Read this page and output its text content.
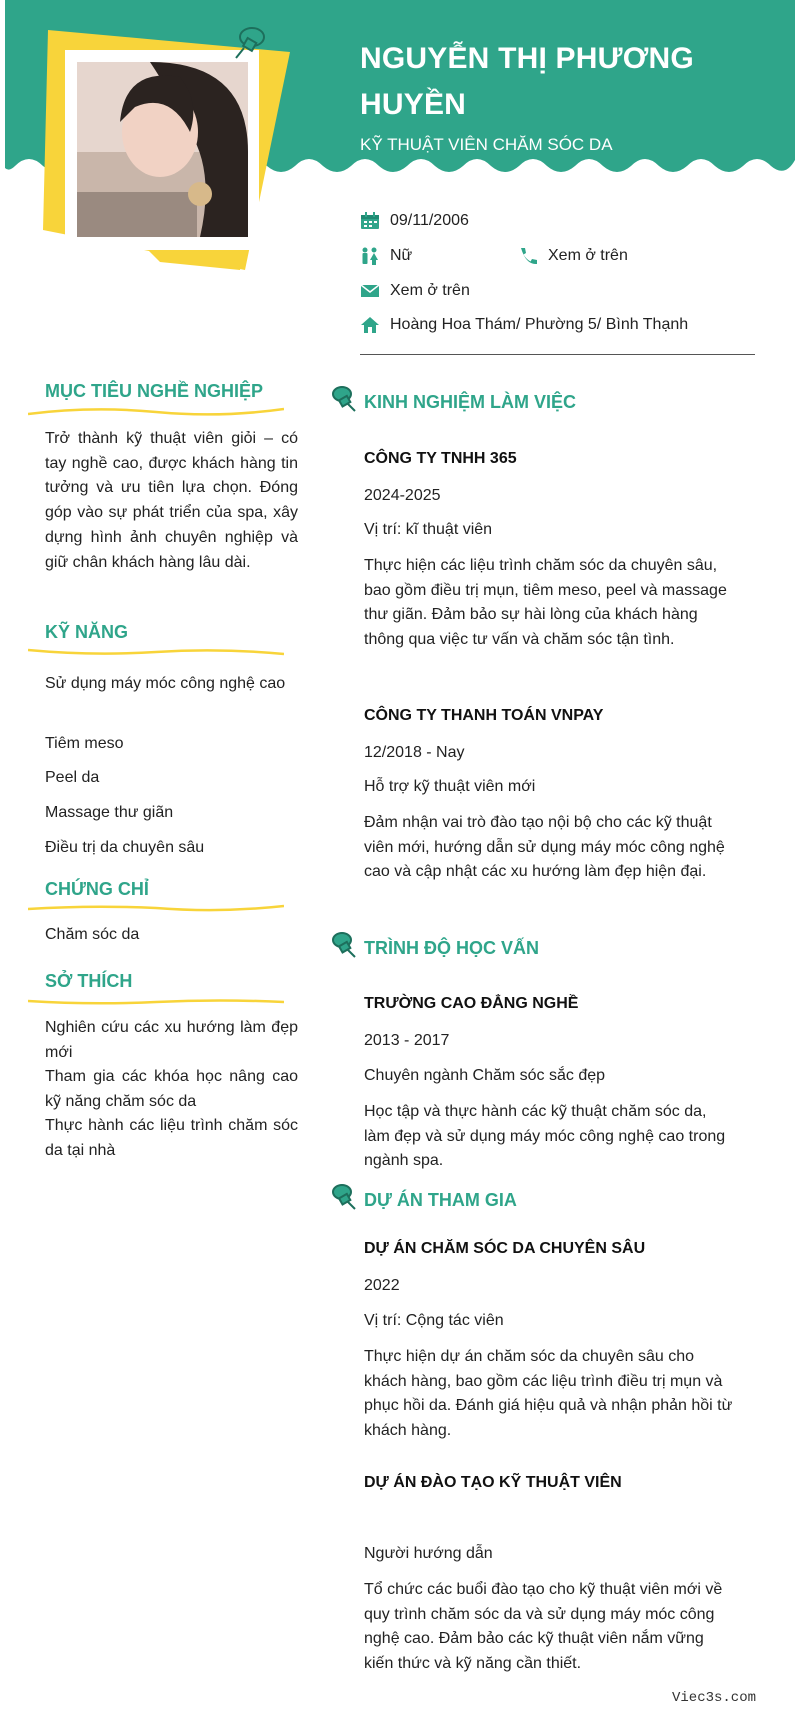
NGUYỄN THỊ PHƯƠNG HUYỀN
KỸ THUẬT VIÊN CHĂM SÓC DA
09/11/2006
Nữ	Xem ở trên
Xem ở trên
Hoàng Hoa Thám/ Phường 5/ Bình Thạnh
MỤC TIÊU NGHỀ NGHIỆP
Trở thành kỹ thuật viên giỏi – có tay nghề cao, được khách hàng tin tưởng và ưu tiên lựa chọn. Đóng góp vào sự phát triển của spa, xây dựng hình ảnh chuyên nghiệp và giữ chân khách hàng lâu dài.
KỸ NĂNG
Sử dụng máy móc công nghệ cao
Tiêm meso
Peel da
Massage thư giãn
Điều trị da chuyên sâu
CHỨNG CHỈ
Chăm sóc da
SỞ THÍCH
Nghiên cứu các xu hướng làm đẹp mới
Tham gia các khóa học nâng cao kỹ năng chăm sóc da
Thực hành các liệu trình chăm sóc da tại nhà
KINH NGHIỆM LÀM VIỆC
CÔNG TY TNHH 365
2024-2025
Vị trí: kĩ thuật viên
Thực hiện các liệu trình chăm sóc da chuyên sâu, bao gồm điều trị mụn, tiêm meso, peel và massage thư giãn. Đảm bảo sự hài lòng của khách hàng thông qua việc tư vấn và chăm sóc tận tình.
CÔNG TY THANH TOÁN VNPAY
12/2018 - Nay
Hỗ trợ kỹ thuật viên mới
Đảm nhận vai trò đào tạo nội bộ cho các kỹ thuật viên mới, hướng dẫn sử dụng máy móc công nghệ cao và cập nhật các xu hướng làm đẹp hiện đại.
TRÌNH ĐỘ HỌC VẤN
TRƯỜNG CAO ĐẲNG NGHỀ
2013 - 2017
Chuyên ngành Chăm sóc sắc đẹp
Học tập và thực hành các kỹ thuật chăm sóc da, làm đẹp và sử dụng máy móc công nghệ cao trong ngành spa.
DỰ ÁN THAM GIA
DỰ ÁN CHĂM SÓC DA CHUYÊN SÂU
2022
Vị trí: Cộng tác viên
Thực hiện dự án chăm sóc da chuyên sâu cho khách hàng, bao gồm các liệu trình điều trị mụn và phục hồi da. Đánh giá hiệu quả và nhận phản hồi từ khách hàng.
DỰ ÁN ĐÀO TẠO KỸ THUẬT VIÊN
Người hướng dẫn
Tổ chức các buổi đào tạo cho kỹ thuật viên mới về quy trình chăm sóc da và sử dụng máy móc công nghệ cao. Đảm bảo các kỹ thuật viên nắm vững kiến thức và kỹ năng cần thiết.
Viec3s.com
